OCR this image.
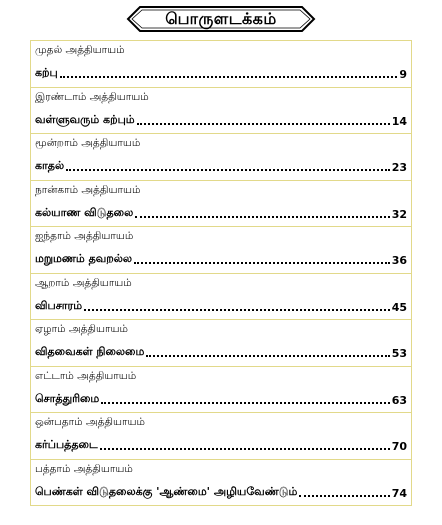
பொருளடக்கம்
முதல் அத்தியாயம்
கற்பு	9
இரண்டாம் அத்தியாயம்
வள்ளுவரும் கற்பும்	14
மூன்றாம் அத்தியாயம்
காதல்	23
நான்காம் அத்தியாயம்
கல்யாண விடுதலை	32
ஐந்தாம் அத்தியாயம்
மறுமணம் தவறல்ல	36
ஆறாம் அத்தியாயம்
விபசாரம்	45
ஏழாம் அத்தியாயம்
விதவைகள் நிலைமை	53
எட்டாம் அத்தியாயம்
சொத்துரிமை	63
ஒன்பதாம் அத்தியாயம்
கர்ப்பத்தடை	70
பத்தாம் அத்தியாயம்
பெண்கள் விடுதலைக்கு 'ஆண்மை' அழியவேண்டும்	74
